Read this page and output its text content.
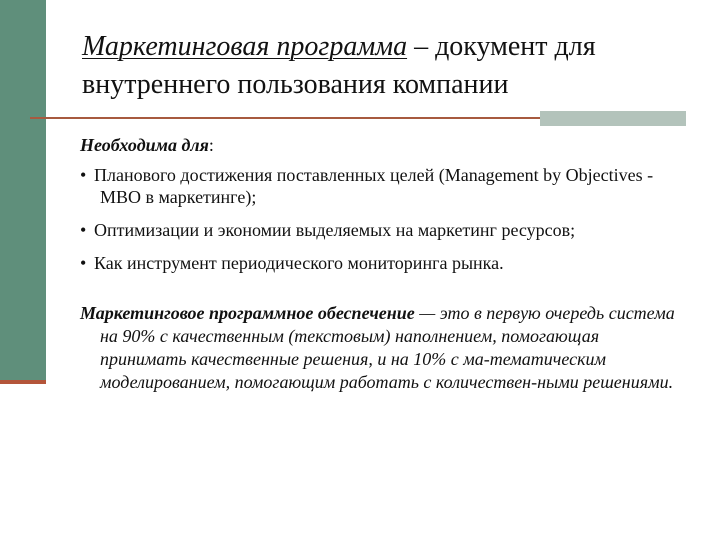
Маркетинговая программа – документ для внутреннего пользования компании

Необходима для:

• Планового достижения поставленных целей (Management by Objectives - MBO в маркетинге);
• Оптимизации и экономии выделяемых на маркетинг ресурсов;
• Как инструмент периодического мониторинга рынка.

Маркетинговое программное обеспечение — это в первую очередь система на 90% с качественным (текстовым) наполнением, помогающая принимать качественные решения, и на 10% с ма-тематическим моделированием, помогающим работать с количествен-ными решениями.
